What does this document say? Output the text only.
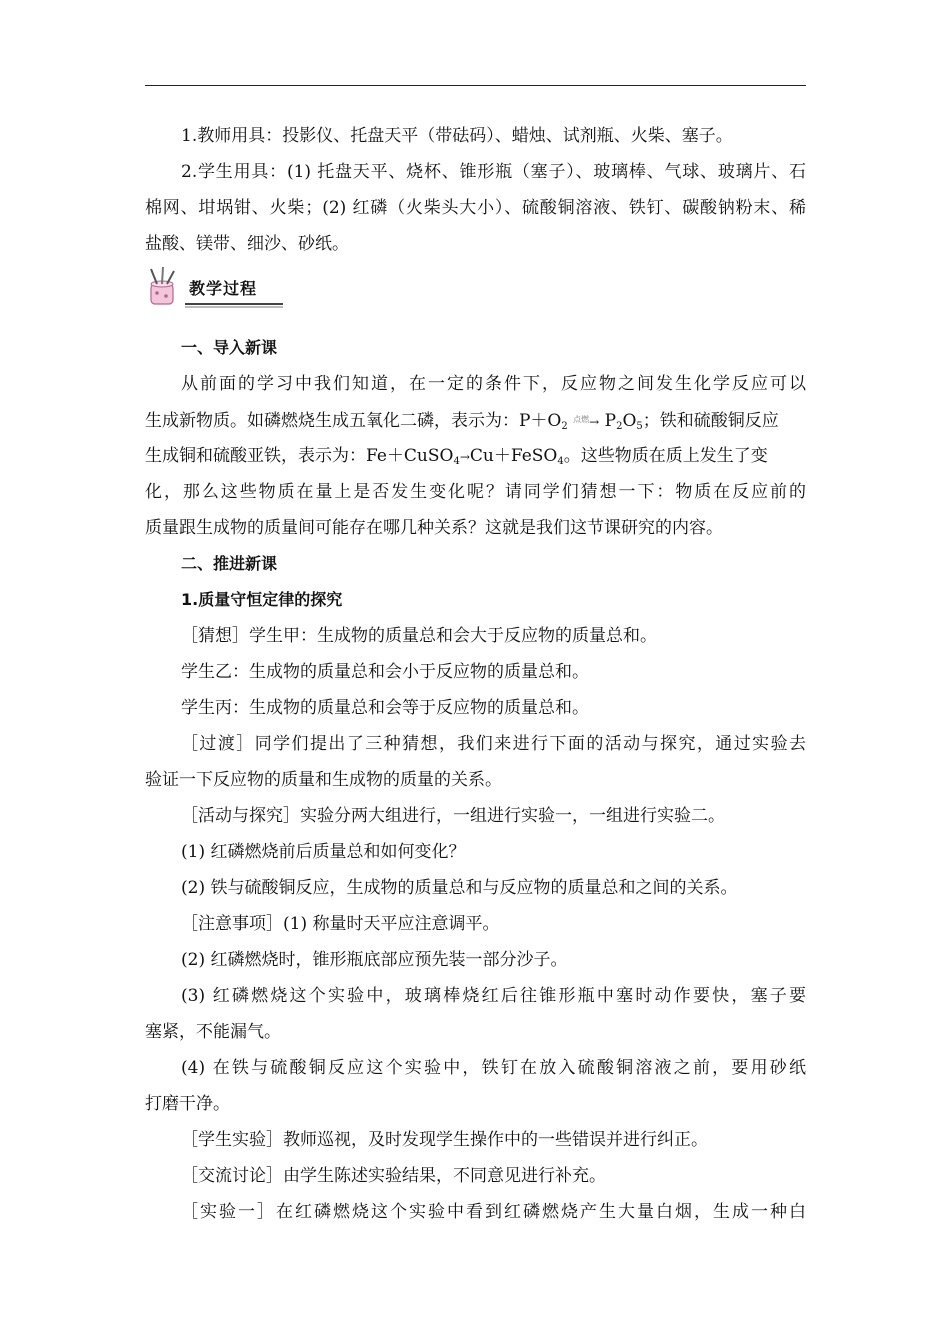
1.教师用具：投影仪、托盘天平（带砝码）、蜡烛、试剂瓶、火柴、塞子。
2.学生用具：(1) 托盘天平、烧杯、锥形瓶（塞子）、玻璃棒、气球、玻璃片、石
棉网、坩埚钳、火柴；(2) 红磷（火柴头大小）、硫酸铜溶液、铁钉、碳酸钠粉末、稀
盐酸、镁带、细沙、砂纸。
教学过程
一、导入新课
从前面的学习中我们知道，在一定的条件下，反应物之间发生化学反应可以
生成新物质。如磷燃烧生成五氧化二磷，表示为：$P+O_2$ 点燃→ $P_2O_5$；铁和硫酸铜反应
生成铜和硫酸亚铁，表示为：Fe＋CuSO$_4$→Cu＋FeSO$_4$。这些物质在质上发生了变
化，那么这些物质在量上是否发生变化呢？请同学们猜想一下：物质在反应前的
质量跟生成物的质量间可能存在哪几种关系？这就是我们这节课研究的内容。
二、推进新课
1.质量守恒定律的探究
［猜想］学生甲：生成物的质量总和会大于反应物的质量总和。
学生乙：生成物的质量总和会小于反应物的质量总和。
学生丙：生成物的质量总和会等于反应物的质量总和。
［过渡］同学们提出了三种猜想，我们来进行下面的活动与探究，通过实验去
验证一下反应物的质量和生成物的质量的关系。
［活动与探究］实验分两大组进行，一组进行实验一，一组进行实验二。
(1) 红磷燃烧前后质量总和如何变化？
(2) 铁与硫酸铜反应，生成物的质量总和与反应物的质量总和之间的关系。
［注意事项］(1) 称量时天平应注意调平。
(2) 红磷燃烧时，锥形瓶底部应预先装一部分沙子。
(3) 红磷燃烧这个实验中，玻璃棒烧红后往锥形瓶中塞时动作要快，塞子要
塞紧，不能漏气。
(4) 在铁与硫酸铜反应这个实验中，铁钉在放入硫酸铜溶液之前，要用砂纸
打磨干净。
［学生实验］教师巡视，及时发现学生操作中的一些错误并进行纠正。
［交流讨论］由学生陈述实验结果，不同意见进行补充。
［实验一］在红磷燃烧这个实验中看到红磷燃烧产生大量白烟，生成一种白
